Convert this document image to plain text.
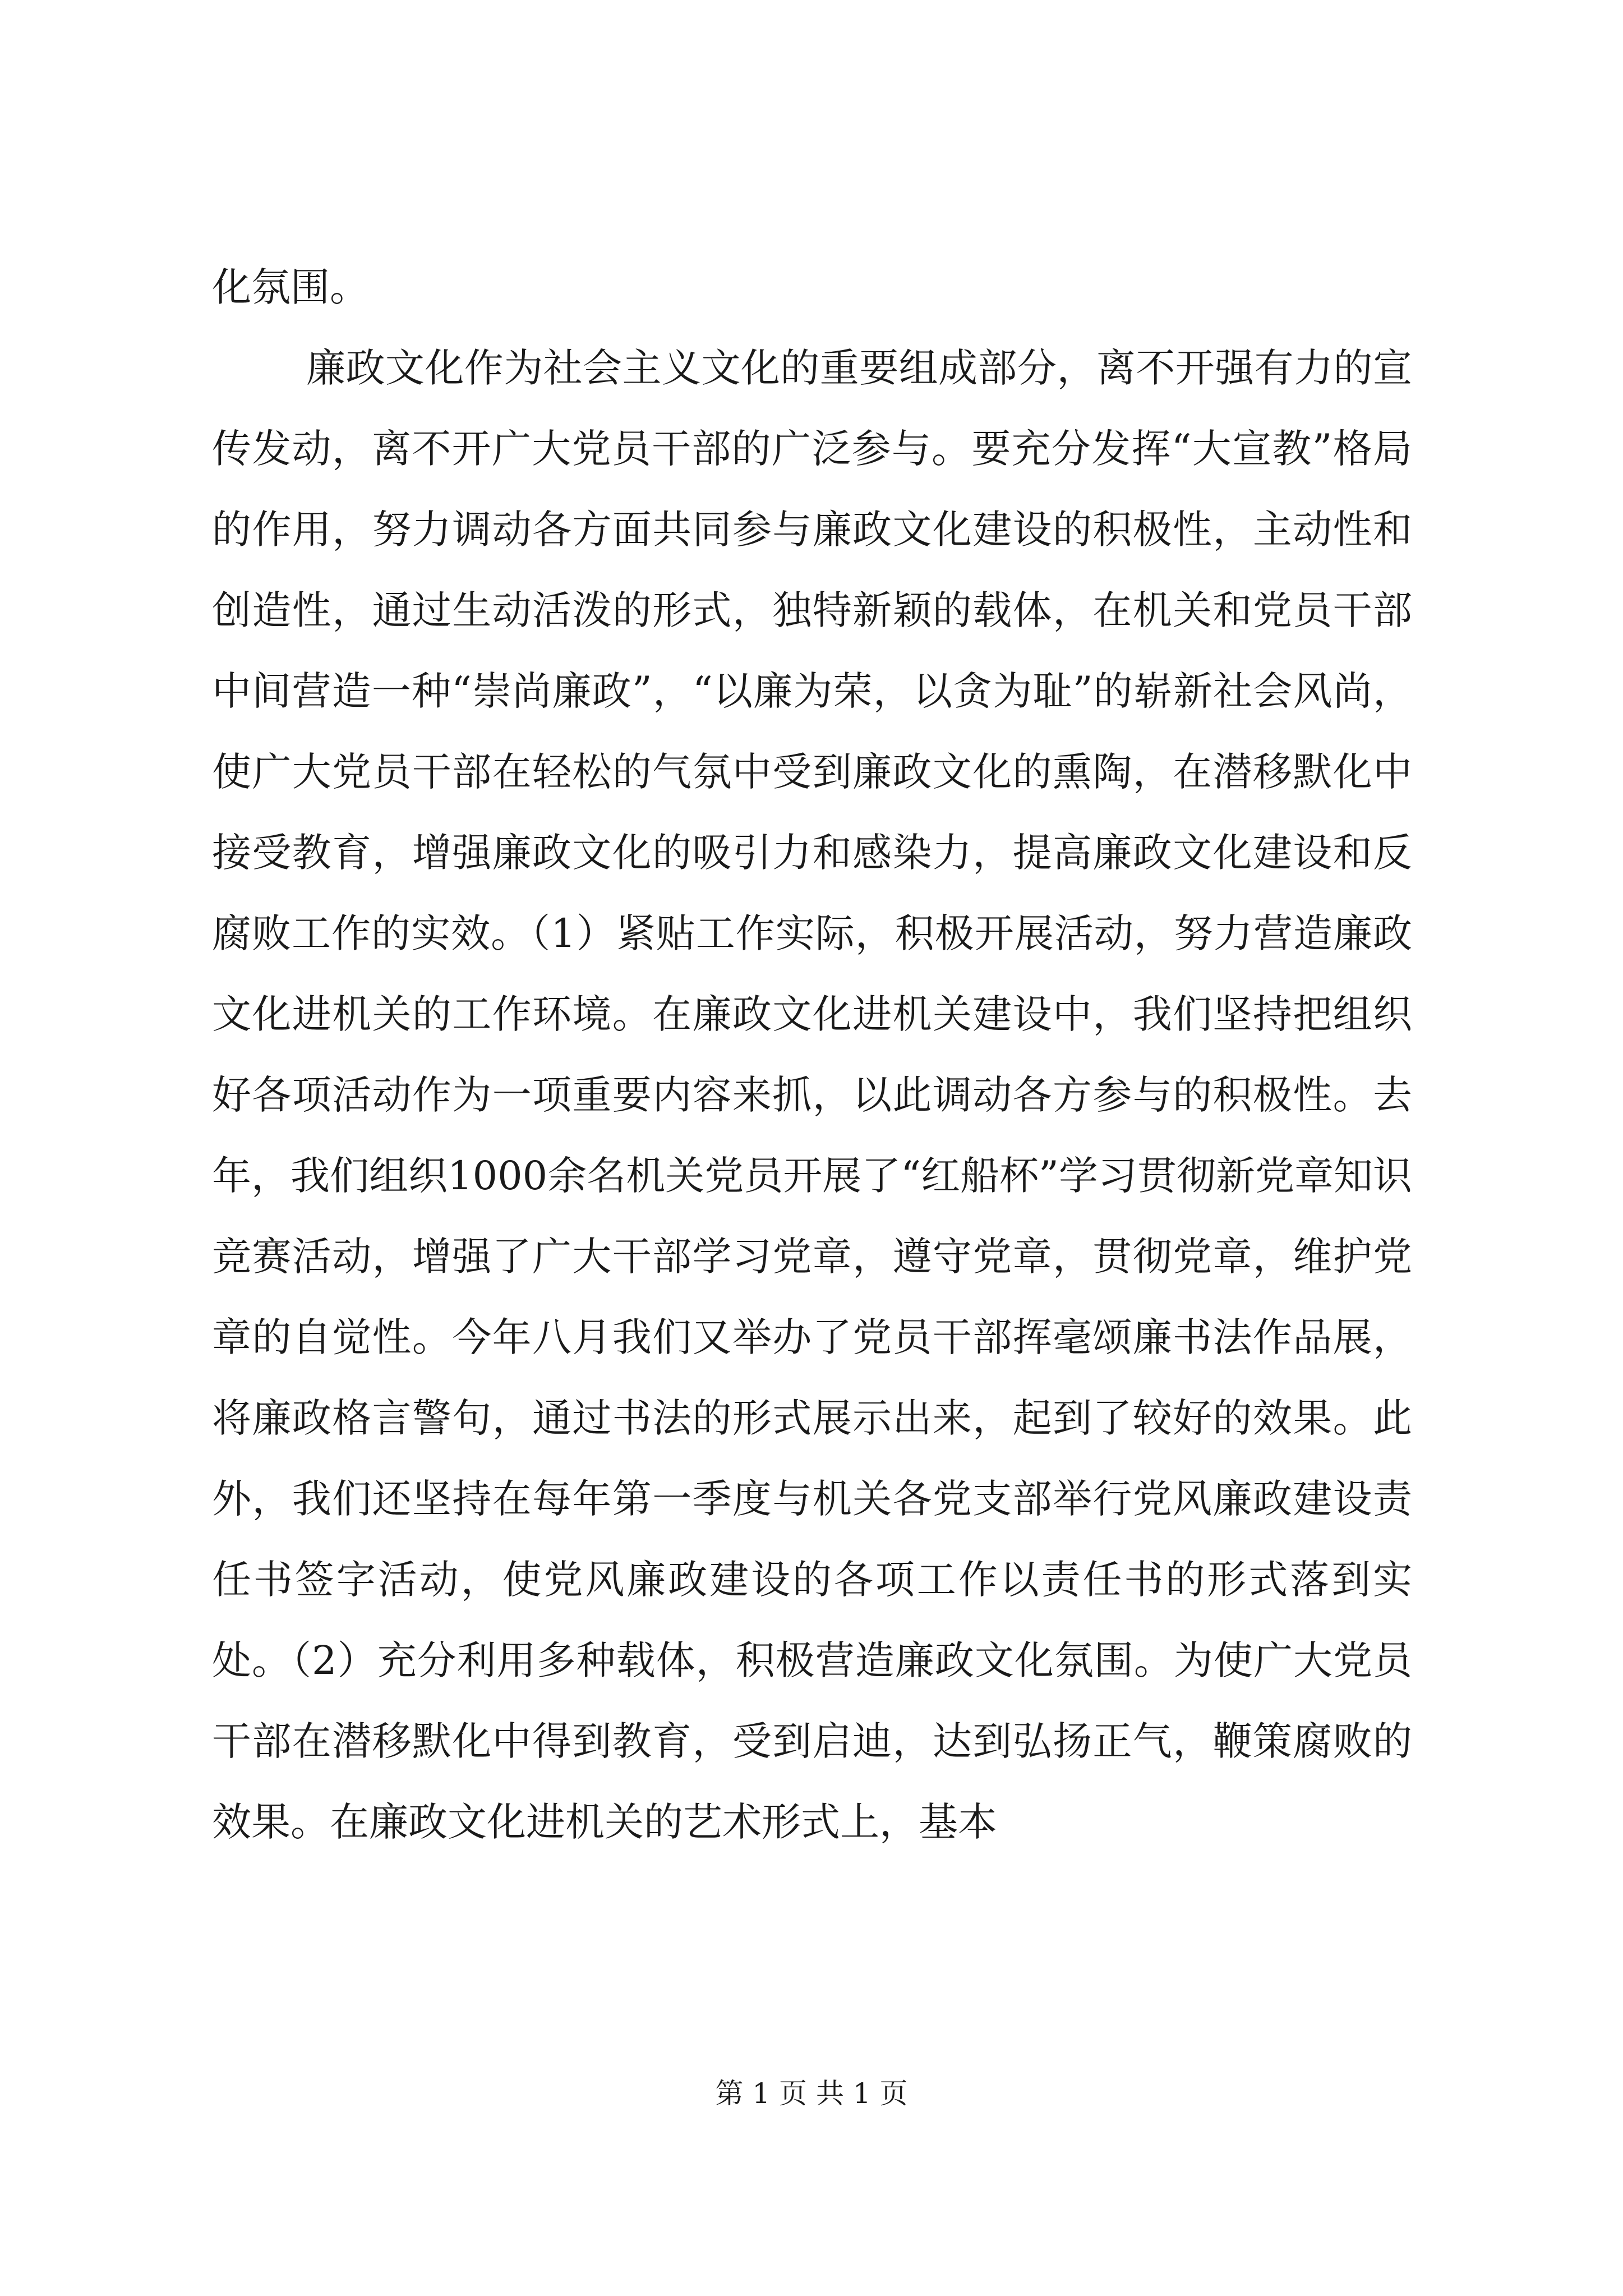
化氛围。

廉政文化作为社会主义文化的重要组成部分，离不开强有力的宣传发动，离不开广大党员干部的广泛参与。要充分发挥“大宣教”格局的作用，努力调动各方面共同参与廉政文化建设的积极性，主动性和创造性，通过生动活泼的形式，独特新颖的载体，在机关和党员干部中间营造一种“崇尚廉政”，“以廉为荣，以贪为耻”的崭新社会风尚，使广大党员干部在轻松的气氛中受到廉政文化的熏陶，在潜移默化中接受教育，增强廉政文化的吸引力和感染力，提高廉政文化建设和反腐败工作的实效。（1）紧贴工作实际，积极开展活动，努力营造廉政文化进机关的工作环境。在廉政文化进机关建设中，我们坚持把组织好各项活动作为一项重要内容来抓，以此调动各方参与的积极性。去年，我们组织1000余名机关党员开展了“红船杯”学习贯彻新党章知识竞赛活动，增强了广大干部学习党章，遵守党章，贯彻党章，维护党章的自觉性。今年八月我们又举办了党员干部挥毫颂廉书法作品展，将廉政格言警句，通过书法的形式展示出来，起到了较好的效果。此外，我们还坚持在每年第一季度与机关各党支部举行党风廉政建设责任书签字活动，使党风廉政建设的各项工作以责任书的形式落到实处。（2）充分利用多种载体，积极营造廉政文化氛围。为使广大党员干部在潜移默化中得到教育，受到启迪，达到弘扬正气，鞭策腐败的效果。在廉政文化进机关的艺术形式上，基本

第 1 页 共 1 页
